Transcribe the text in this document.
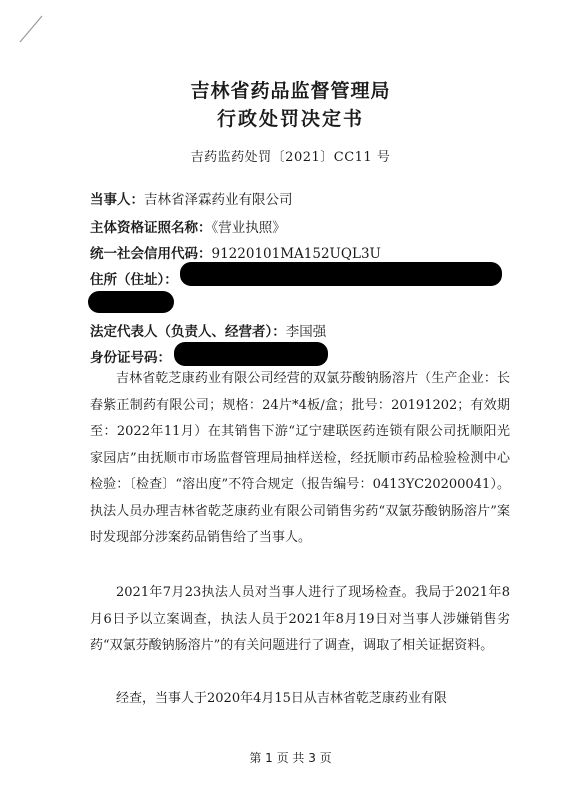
吉林省药品监督管理局
行政处罚决定书
吉药监药处罚〔2021〕CC11 号
当事人：吉林省泽霖药业有限公司
主体资格证照名称：《营业执照》
统一社会信用代码：91220101MA152UQL3U
住所（住址）：
法定代表人（负责人、经营者）：李国强
身份证号码：
吉林省乾芝康药业有限公司经营的双氯芬酸钠肠溶片（生产企业：长春紫正制药有限公司；规格：24片*4板/盒；批号：20191202；有效期至：2022年11月）在其销售下游“辽宁建联医药连锁有限公司抚顺阳光家园店”由抚顺市市场监督管理局抽样送检，经抚顺市药品检验检测中心检验：〔检查〕“溶出度”不符合规定（报告编号：0413YC20200041）。执法人员办理吉林省乾芝康药业有限公司销售劣药“双氯芬酸钠肠溶片”案时发现部分涉案药品销售给了当事人。
2021年7月23执法人员对当事人进行了现场检查。我局于2021年8月6日予以立案调查，执法人员于2021年8月19日对当事人涉嫌销售劣药“双氯芬酸钠肠溶片”的有关问题进行了调查，调取了相关证据资料。
经查，当事人于2020年4月15日从吉林省乾芝康药业有限
第 1 页 共 3 页
